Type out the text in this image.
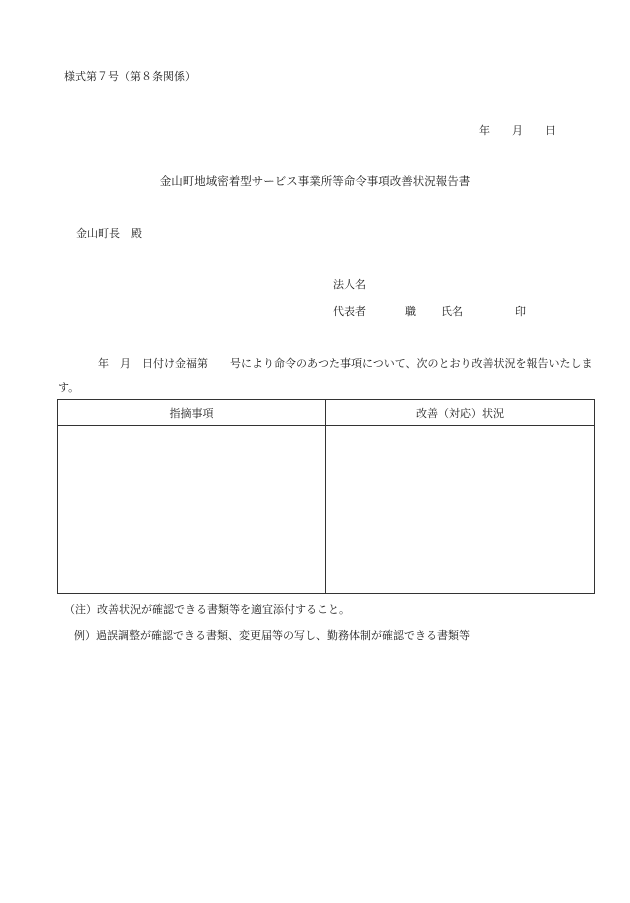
様式第７号（第８条関係）
年 月 日
金山町地域密着型サービス事業所等命令事項改善状況報告書
金山町長　殿
法人名
代表者	職 氏名	印
年　月　日付け金福第　　号により命令のあつた事項について、次のとおり改善状況を報告いたします。
指摘事項	改善（対応）状況

（注）改善状況が確認できる書類等を適宜添付すること。
例）過誤調整が確認できる書類、変更届等の写し、勤務体制が確認できる書類等
